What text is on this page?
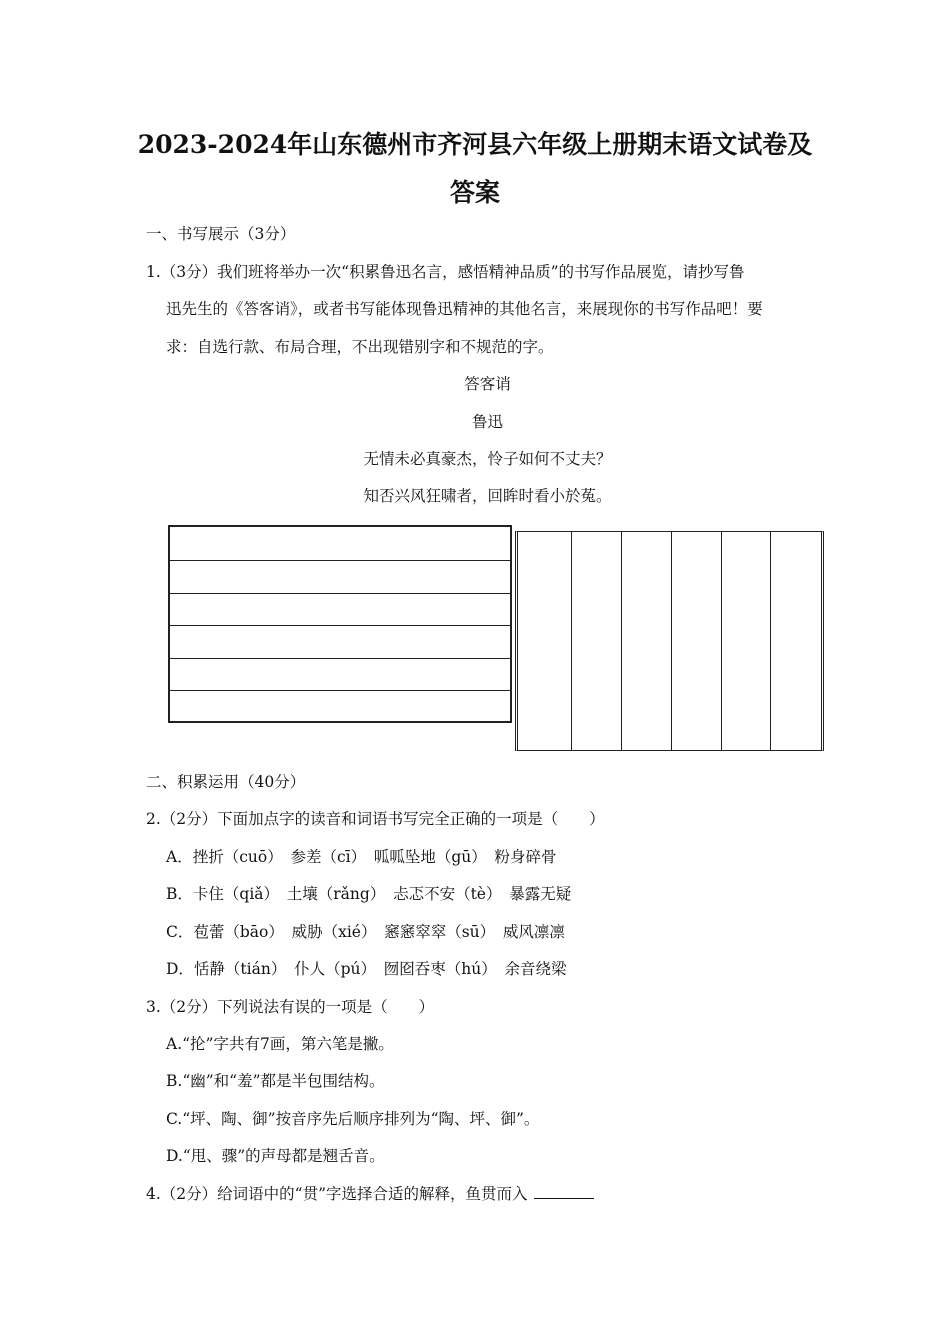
2023-2024年山东德州市齐河县六年级上册期末语文试卷及
答案
一、书写展示（3分）
1.（3分）我们班将举办一次“积累鲁迅名言，感悟精神品质”的书写作品展览，请抄写鲁
迅先生的《答客诮》，或者书写能体现鲁迅精神的其他名言，来展现你的书写作品吧！要
求：自选行款、布局合理，不出现错别字和不规范的字。
答客诮
鲁迅
无情未必真豪杰，怜子如何不丈夫？
知否兴风狂啸者，回眸时看小於菟。
二、积累运用（40分）
2.（2分）下面加点字的读音和词语书写完全正确的一项是（　　）
A．挫折（cuō）　参差（cī）　呱呱坠地（gū）　粉身碎骨
B．卡住（qiǎ）　土壤（rǎng）　忐忑不安（tè）　暴露无疑
C．苞蕾（bāo）　威胁（xié）　窸窸窣窣（sū）　威风凛凛
D．恬静（tián）　仆人（pú）　囫囵吞枣（hú）　余音绕梁
3.（2分）下列说法有误的一项是（　　）
A.“抡”字共有7画，第六笔是撇。
B.“幽”和“羞”都是半包围结构。
C.“坪、陶、御”按音序先后顺序排列为“陶、坪、御”。
D.“甩、骤”的声母都是翘舌音。
4.（2分）给词语中的“贯”字选择合适的解释，鱼贯而入
